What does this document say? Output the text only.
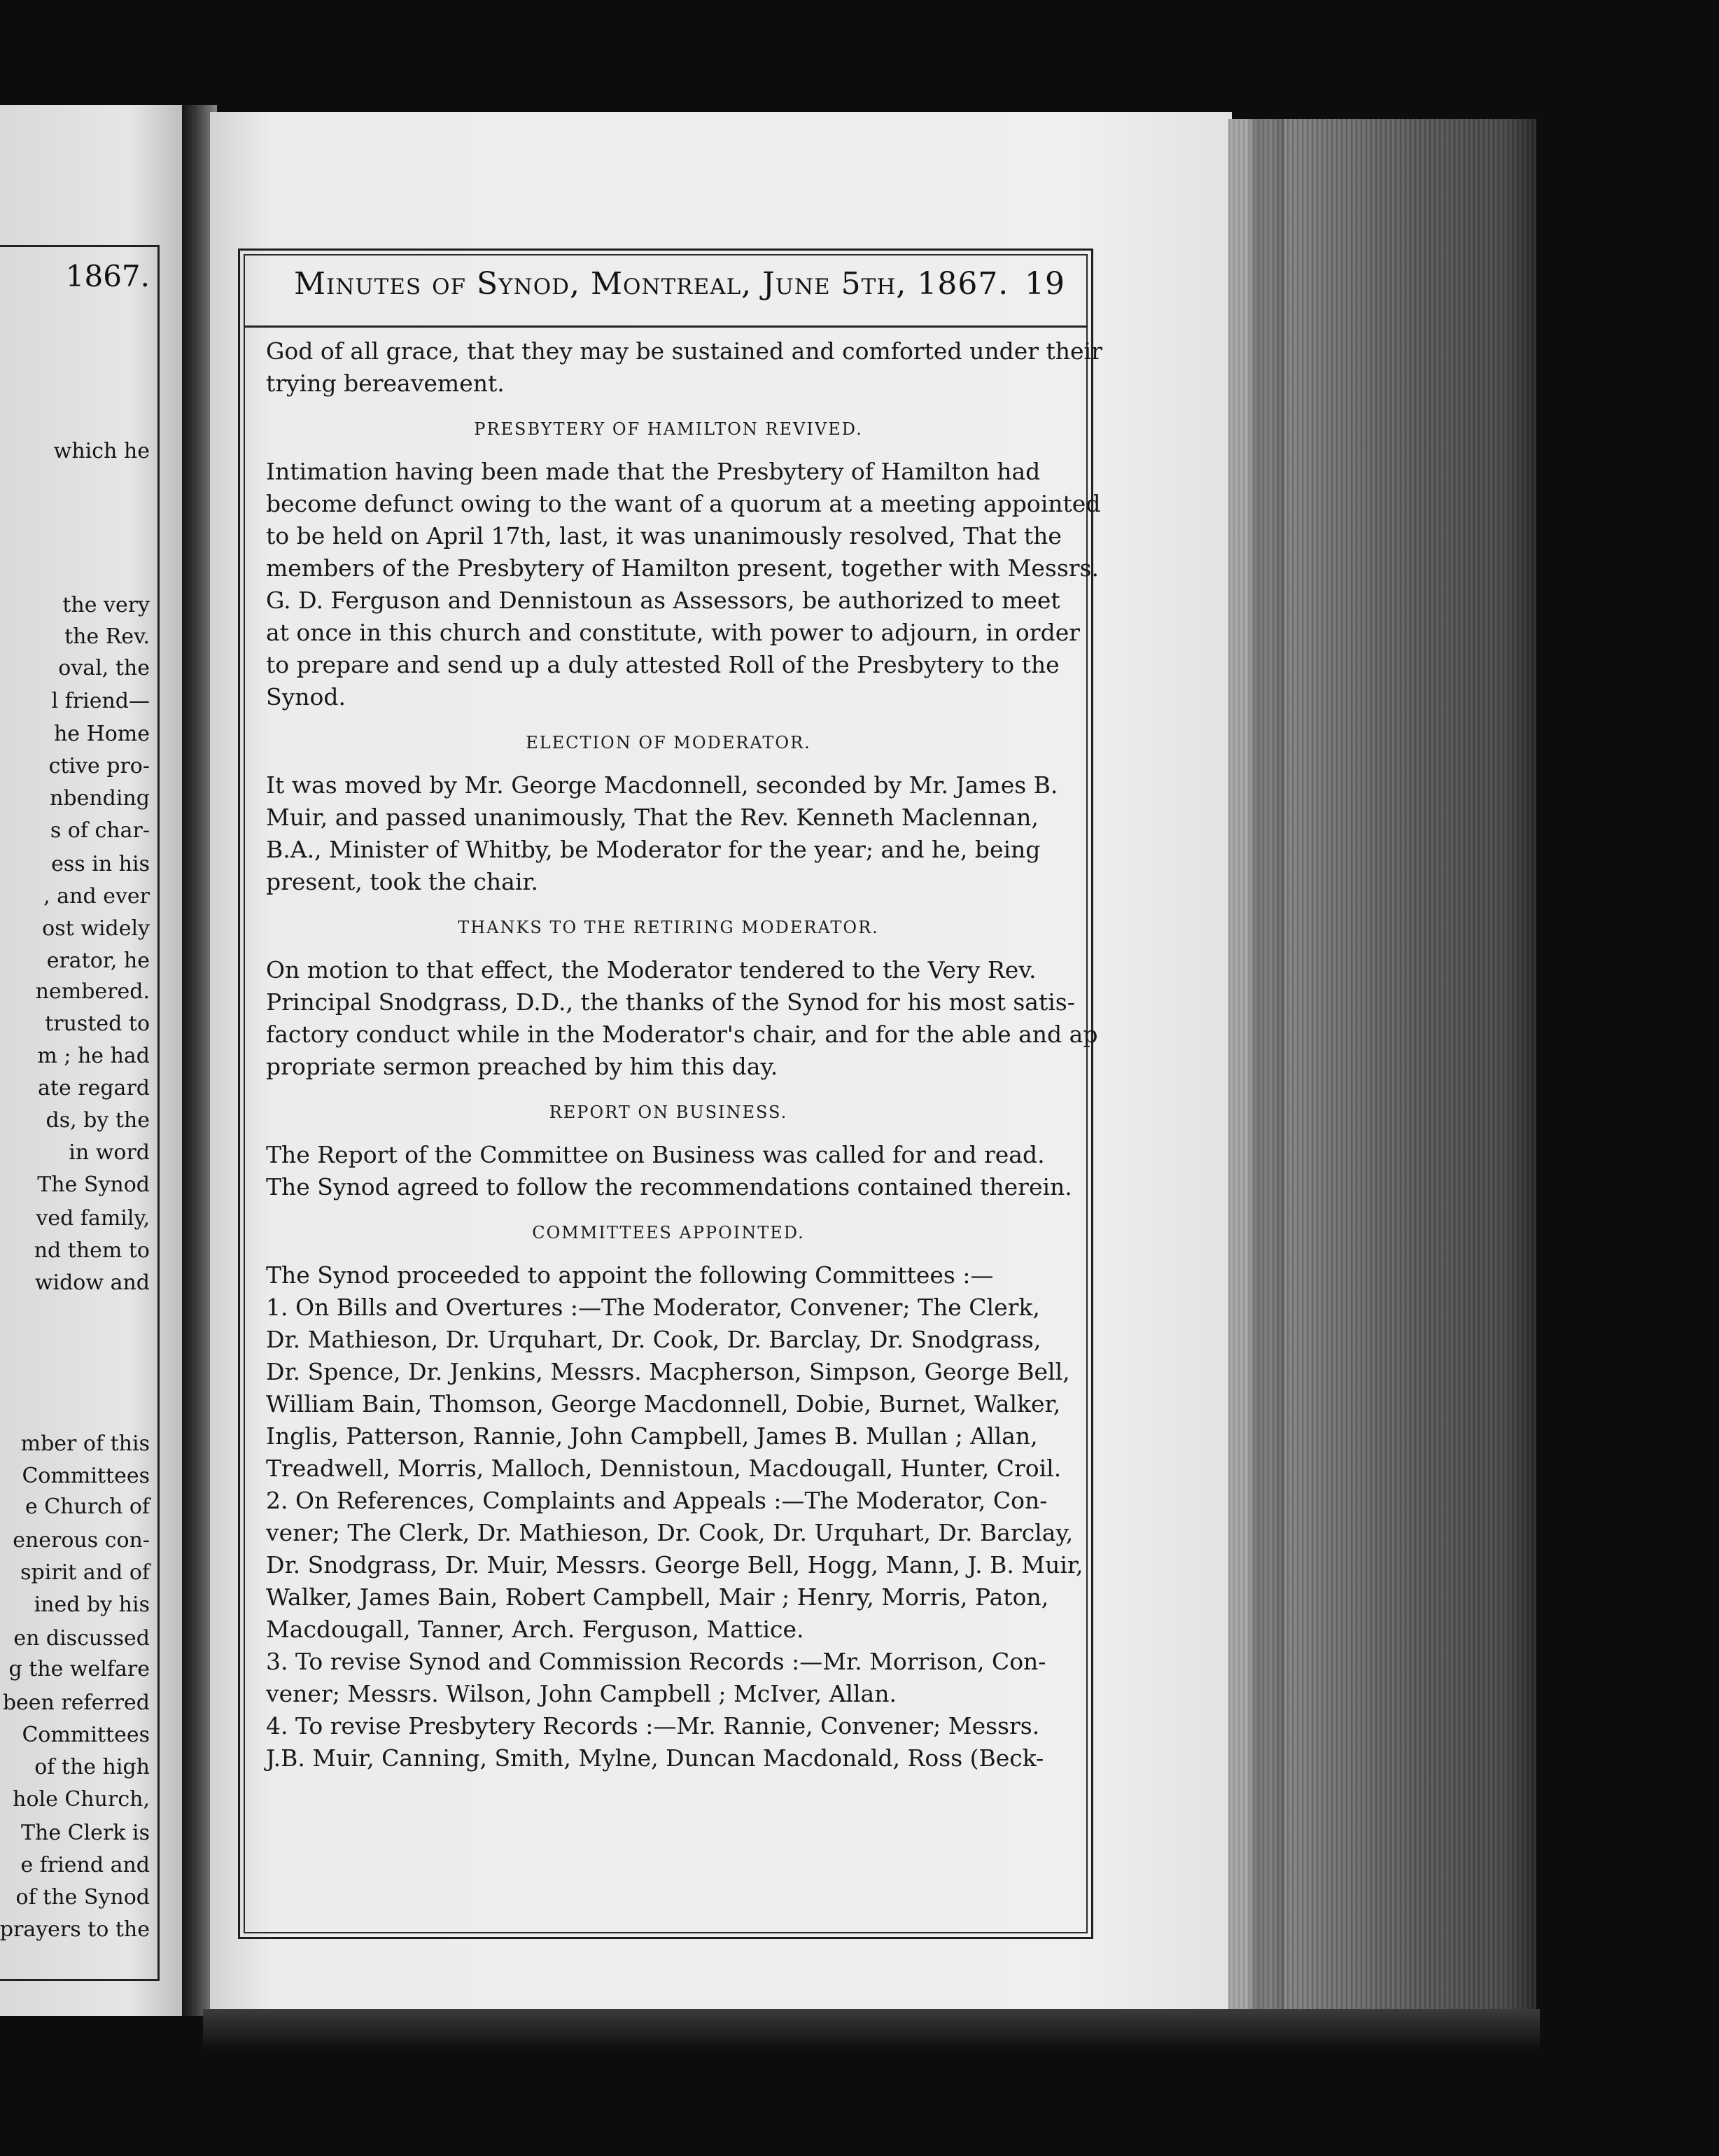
1867.
which he
the very
the Rev.
oval, the
l friend—
he Home
ctive pro-
nbending
s of char-
ess in his
, and ever
ost widely
erator, he
nembered.
trusted to
m ; he had
ate regard
ds, by the
in word
The Synod
ved family,
nd them to
widow and
mber of this
Committees
e Church of
enerous con-
spirit and of
ined by his
en discussed
g the welfare
been referred
Committees
of the high
hole Church,
The Clerk is
e friend and
of the Synod
prayers to the
Minutes of Synod, Montreal, June 5th, 1867. 19
God of all grace, that they may be sustained and comforted under their
trying bereavement.
PRESBYTERY OF HAMILTON REVIVED.
Intimation having been made that the Presbytery of Hamilton had
become defunct owing to the want of a quorum at a meeting appointed
to be held on April 17th, last, it was unanimously resolved, That the
members of the Presbytery of Hamilton present, together with Messrs.
G. D. Ferguson and Dennistoun as Assessors, be authorized to meet
at once in this church and constitute, with power to adjourn, in order
to prepare and send up a duly attested Roll of the Presbytery to the
Synod.
ELECTION OF MODERATOR.
It was moved by Mr. George Macdonnell, seconded by Mr. James B.
Muir, and passed unanimously, That the Rev. Kenneth Maclennan,
B.A., Minister of Whitby, be Moderator for the year; and he, being
present, took the chair.
THANKS TO THE RETIRING MODERATOR.
On motion to that effect, the Moderator tendered to the Very Rev.
Principal Snodgrass, D.D., the thanks of the Synod for his most satis-
factory conduct while in the Moderator's chair, and for the able and ap
propriate sermon preached by him this day.
REPORT ON BUSINESS.
The Report of the Committee on Business was called for and read.
The Synod agreed to follow the recommendations contained therein.
COMMITTEES APPOINTED.
The Synod proceeded to appoint the following Committees :—
1. On Bills and Overtures :—The Moderator, Convener; The Clerk,
Dr. Mathieson, Dr. Urquhart, Dr. Cook, Dr. Barclay, Dr. Snodgrass,
Dr. Spence, Dr. Jenkins, Messrs. Macpherson, Simpson, George Bell,
William Bain, Thomson, George Macdonnell, Dobie, Burnet, Walker,
Inglis, Patterson, Rannie, John Campbell, James B. Mullan ; Allan,
Treadwell, Morris, Malloch, Dennistoun, Macdougall, Hunter, Croil.
2. On References, Complaints and Appeals :—The Moderator, Con-
vener; The Clerk, Dr. Mathieson, Dr. Cook, Dr. Urquhart, Dr. Barclay,
Dr. Snodgrass, Dr. Muir, Messrs. George Bell, Hogg, Mann, J. B. Muir,
Walker, James Bain, Robert Campbell, Mair ; Henry, Morris, Paton,
Macdougall, Tanner, Arch. Ferguson, Mattice.
3. To revise Synod and Commission Records :—Mr. Morrison, Con-
vener; Messrs. Wilson, John Campbell ; McIver, Allan.
4. To revise Presbytery Records :—Mr. Rannie, Convener; Messrs.
J.B. Muir, Canning, Smith, Mylne, Duncan Macdonald, Ross (Beck-
